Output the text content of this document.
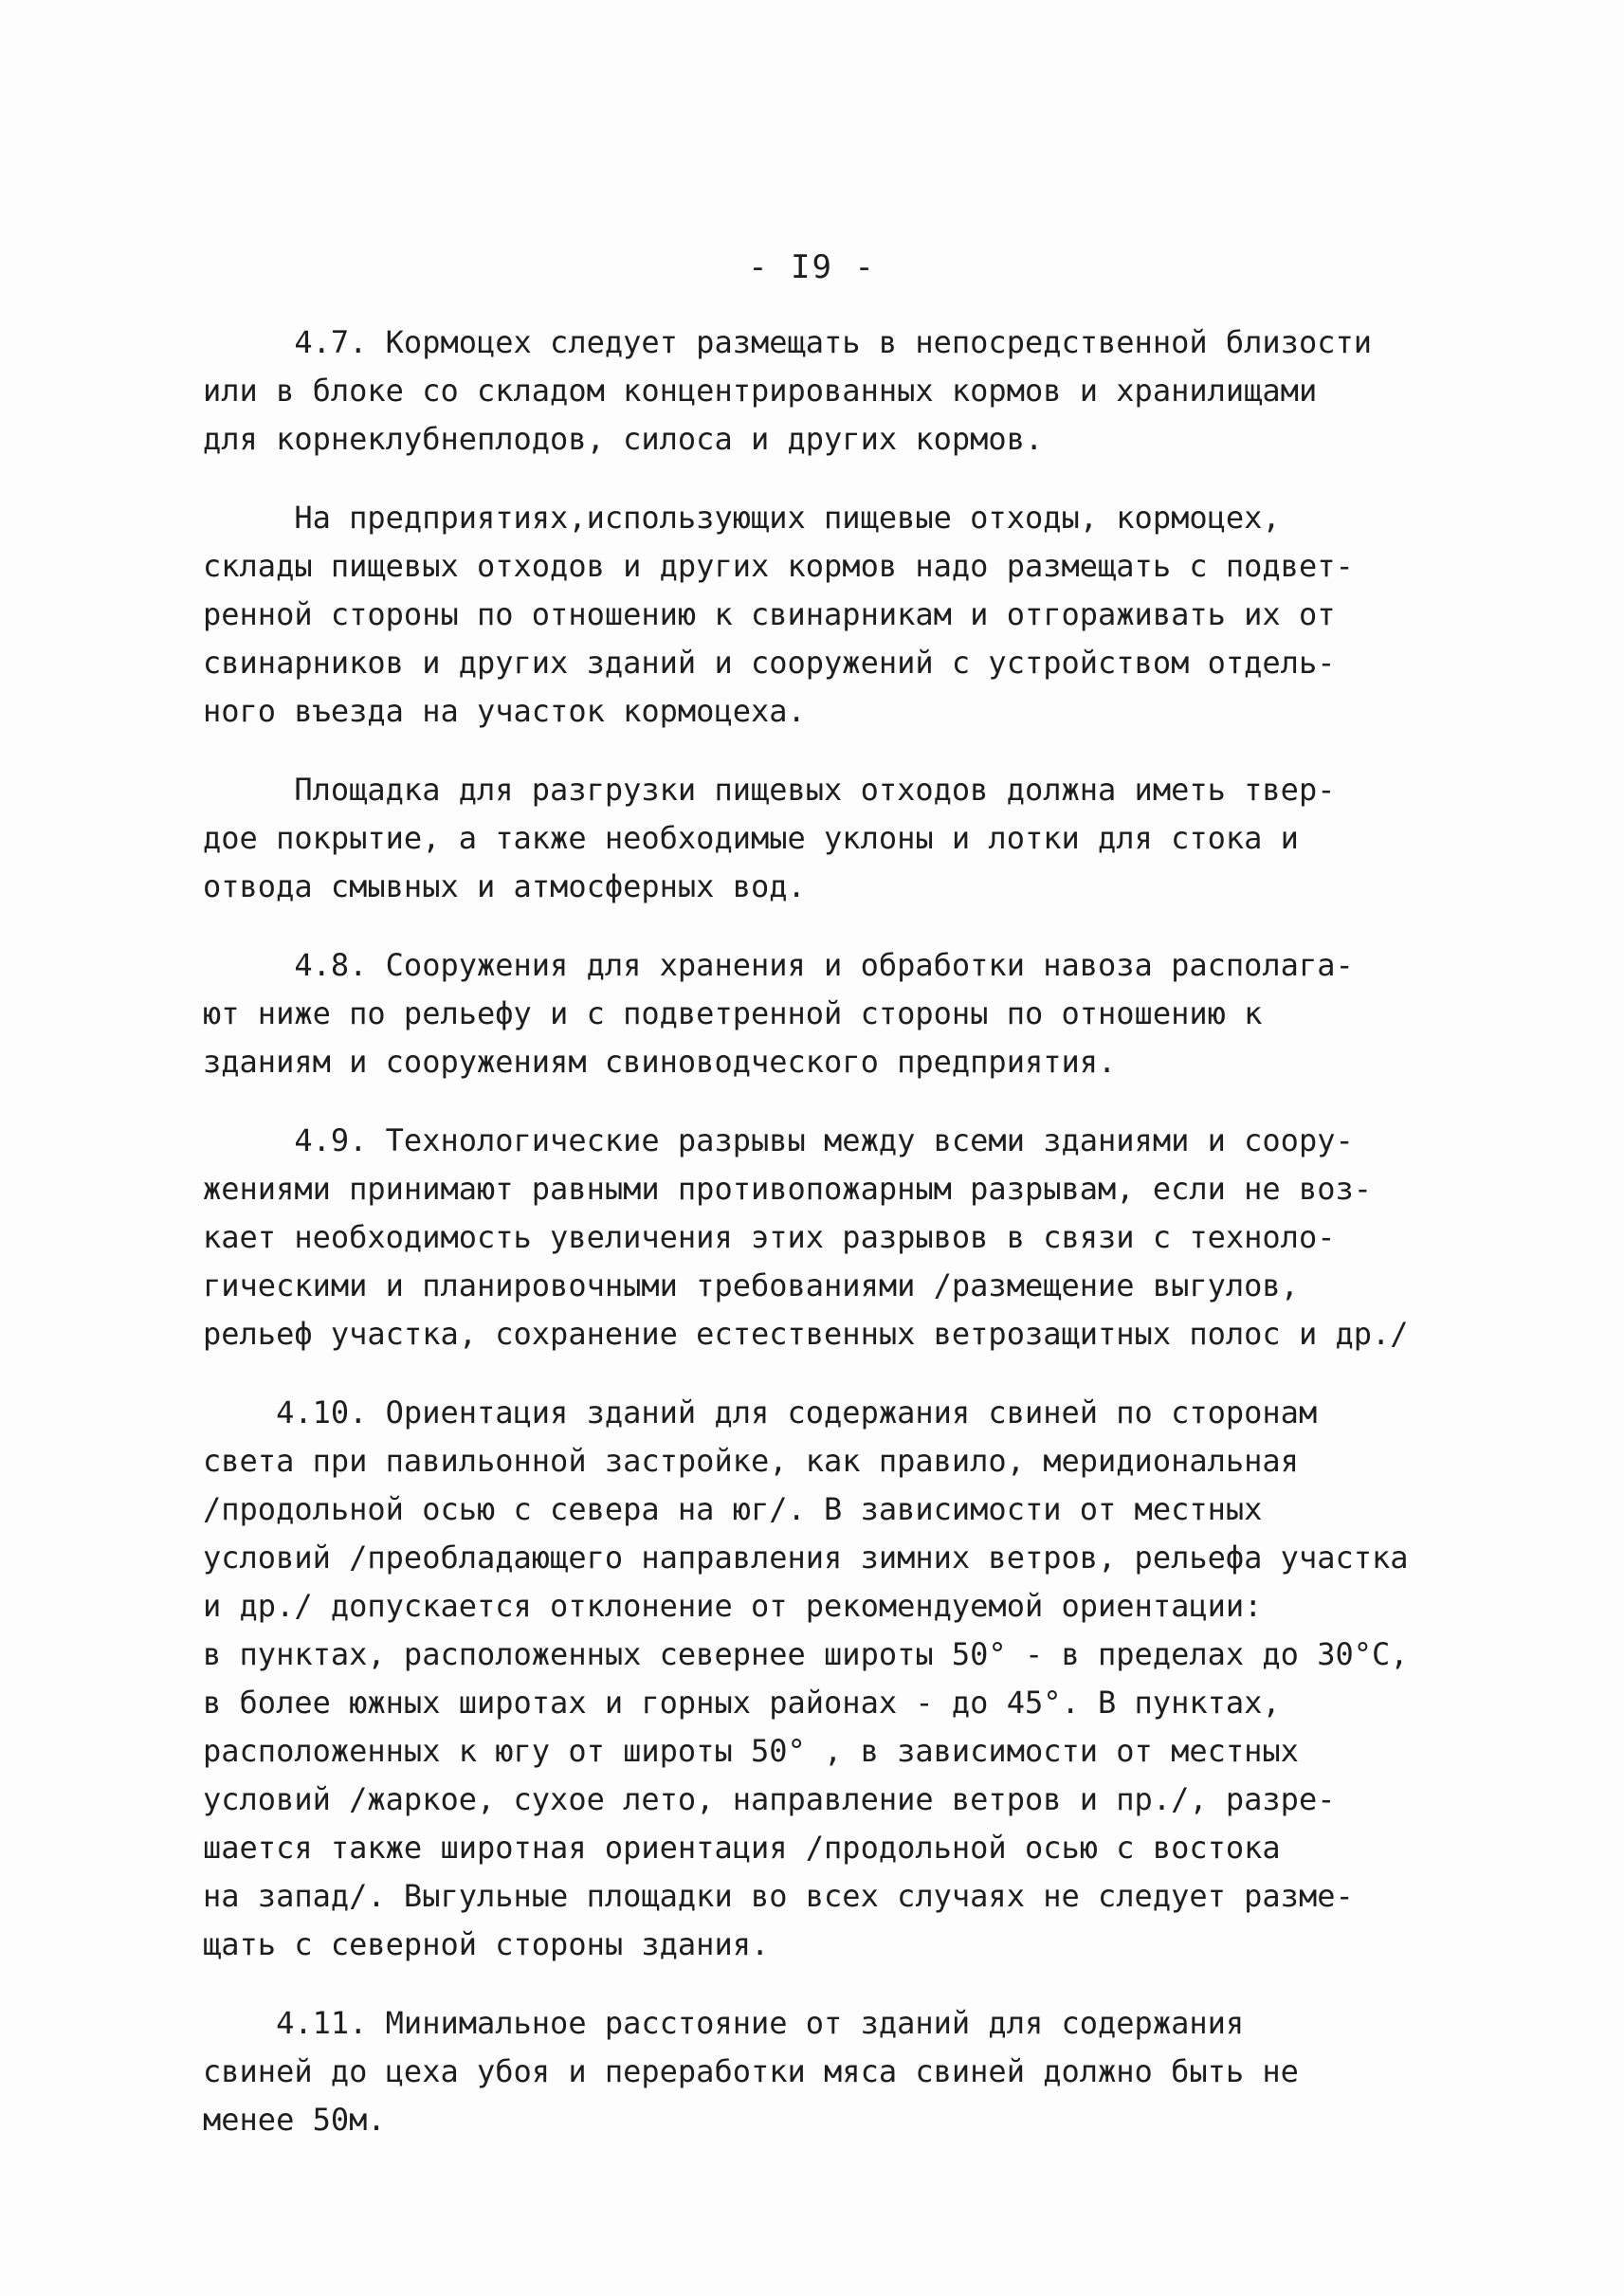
- I9 -

4.7. Кормоцех следует размещать в непосредственной близости
или в блоке со складом концентрированных кормов и хранилищами
для корнеклубнеплодов, силоса и других кормов.

На предприятиях,использующих пищевые отходы, кормоцех,
склады пищевых отходов и других кормов надо размещать с подвет-
ренной стороны по отношению к свинарникам и отгораживать их от
свинарников и других зданий и сооружений с устройством отдель-
ного въезда на участок кормоцеха.

Площадка для разгрузки пищевых отходов должна иметь твер-
дое покрытие, а также необходимые уклоны и лотки для стока и
отвода смывных и атмосферных вод.

4.8. Сооружения для хранения и обработки навоза располага-
ют ниже по рельефу и с подветренной стороны по отношению к
зданиям и сооружениям свиноводческого предприятия.

4.9. Технологические разрывы между всеми зданиями и соору-
жениями принимают равными противопожарным разрывам, если не воз-
кает необходимость увеличения этих разрывов в связи с техноло-
гическими и планировочными требованиями /размещение выгулов,
рельеф участка, сохранение естественных ветрозащитных полос и др./

4.10. Ориентация зданий для содержания свиней по сторонам
света при павильонной застройке, как правило, меридиональная
/продольной осью с севера на юг/. В зависимости от местных
условий /преобладающего направления зимних ветров, рельефа участка
и др./ допускается отклонение от рекомендуемой ориентации:
в пунктах, расположенных севернее широты 50° - в пределах до 30°С,
в более южных широтах и горных районах - до 45°. В пунктах,
расположенных к югу от широты 50° , в зависимости от местных
условий /жаркое, сухое лето, направление ветров и пр./, разре-
шается также широтная ориентация /продольной осью с востока
на запад/. Выгульные площадки во всех случаях не следует разме-
щать с северной стороны здания.

4.11. Минимальное расстояние от зданий для содержания
свиней до цеха убоя и переработки мяса свиней должно быть не
менее 50м.
